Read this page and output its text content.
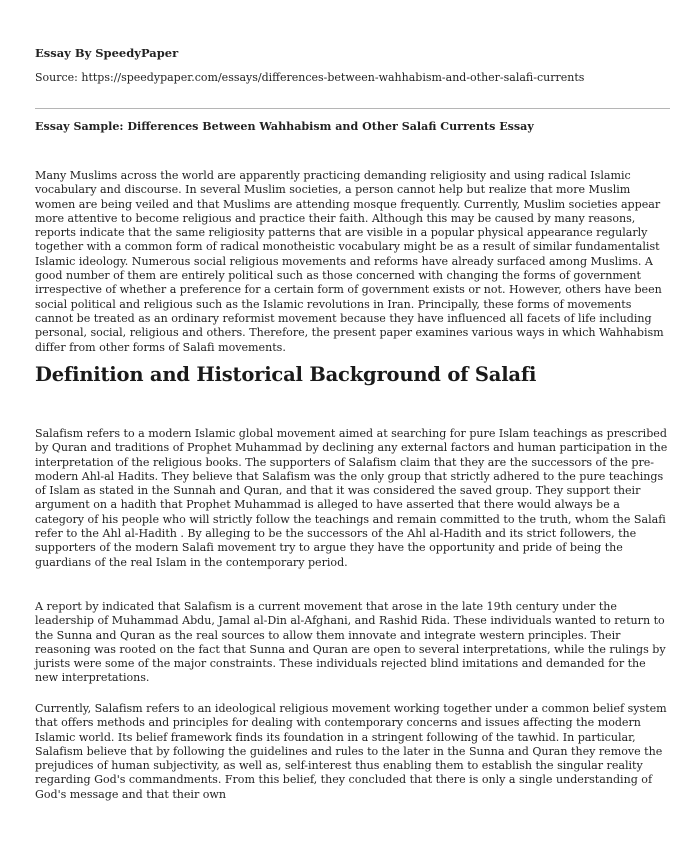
Essay By SpeedyPaper
Source: https://speedypaper.com/essays/differences-between-wahhabism-and-other-salafi-currents
Essay Sample: Differences Between Wahhabism and Other Salafi Currents Essay

Many Muslims across the world are apparently practicing demanding religiosity and using radical Islamic vocabulary and discourse. In several Muslim societies, a person cannot help but realize that more Muslim women are being veiled and that Muslims are attending mosque frequently. Currently, Muslim societies appear more attentive to become religious and practice their faith. Although this may be caused by many reasons, reports indicate that the same religiosity patterns that are visible in a popular physical appearance regularly together with a common form of radical monotheistic vocabulary might be as a result of similar fundamentalist Islamic ideology. Numerous social religious movements and reforms have already surfaced among Muslims. A good number of them are entirely political such as those concerned with changing the forms of government irrespective of whether a preference for a certain form of government exists or not. However, others have been social political and religious such as the Islamic revolutions in Iran. Principally, these forms of movements cannot be treated as an ordinary reformist movement because they have influenced all facets of life including personal, social, religious and others. Therefore, the present paper examines various ways in which Wahhabism differ from other forms of Salafi movements.

Definition and Historical Background of Salafi

Salafism refers to a modern Islamic global movement aimed at searching for pure Islam teachings as prescribed by Quran and traditions of Prophet Muhammad by declining any external factors and human participation in the interpretation of the religious books. The supporters of Salafism claim that they are the successors of the pre-modern Ahl-al Hadits. They believe that Salafism was the only group that strictly adhered to the pure teachings of Islam as stated in the Sunnah and Quran, and that it was considered the saved group. They support their argument on a hadith that Prophet Muhammad is alleged to have asserted that there would always be a category of his people who will strictly follow the teachings and remain committed to the truth, whom the Salafi refer to the Ahl al-Hadith . By alleging to be the successors of the Ahl al-Hadith and its strict followers, the supporters of the modern Salafi movement try to argue they have the opportunity and pride of being the guardians of the real Islam in the contemporary period.

A report by indicated that Salafism is a current movement that arose in the late 19th century under the leadership of Muhammad Abdu, Jamal al-Din al-Afghani, and Rashid Rida. These individuals wanted to return to the Sunna and Quran as the real sources to allow them innovate and integrate western principles. Their reasoning was rooted on the fact that Sunna and Quran are open to several interpretations, while the rulings by jurists were some of the major constraints. These individuals rejected blind imitations and demanded for the new interpretations.

Currently, Salafism refers to an ideological religious movement working together under a common belief system that offers methods and principles for dealing with contemporary concerns and issues affecting the modern Islamic world. Its belief framework finds its foundation in a stringent following of the tawhid. In particular, Salafism believe that by following the guidelines and rules to the later in the Sunna and Quran they remove the prejudices of human subjectivity, as well as, self-interest thus enabling them to establish the singular reality regarding God's commandments. From this belief, they concluded that there is only a single understanding of God's message and that their own
